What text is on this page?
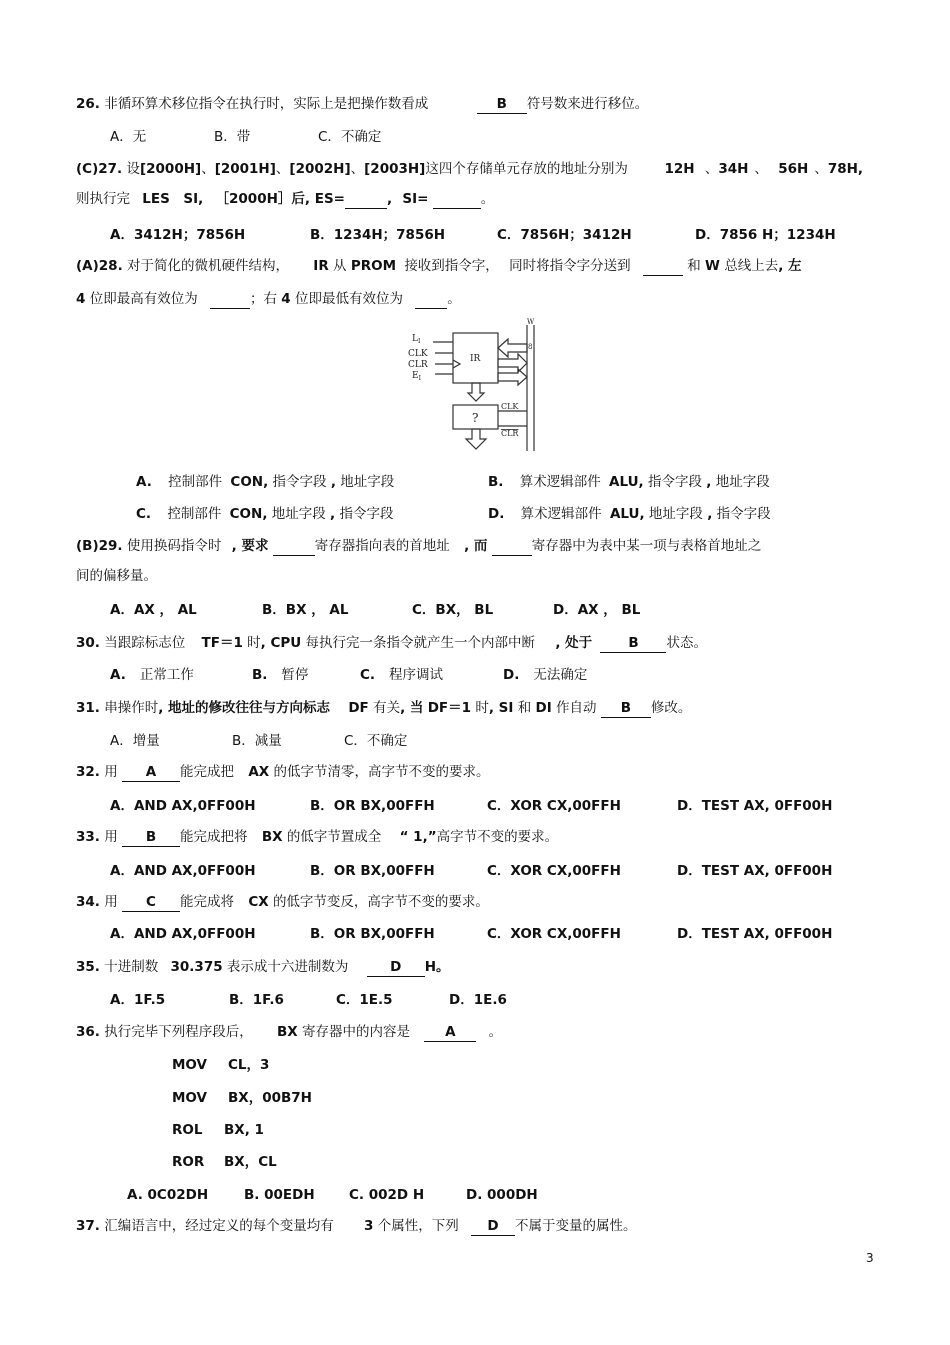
26. 非循环算术移位指令在执行时，实际上是把操作数看成	B 符号数来进行移位。
A．无	B．带	C．不确定
(C)27. 设[2000H]、[2001H]、[2002H]、[2003H]这四个存储单元存放的地址分别为	12H 、34H 、 56H 、78H,
则执行完 LES　SI, ［2000H］后, ES=	, SI=	。
A．3412H；7856H	B．1234H；7856H	C．7856H；3412H	D．7856 H；1234H
(A)28. 对于简化的微机硬件结构， IR 从 PROM 接收到指令字， 同时将指令字分送到	和 W 总线上去, 左
4 位即最高有效位为	；右 4 位即最低有效位为	。
$L_I$
CLK
CLR
$E_I$
IR
?
CLK
CLR
W
8
A. 控制部件 CON, 指令字段 , 地址字段	B. 算术逻辑部件 ALU, 指令字段 , 地址字段
C. 控制部件 CON, 地址字段 , 指令字段	D. 算术逻辑部件 ALU, 地址字段 , 指令字段
(B)29. 使用换码指令时 , 要求	寄存器指向表的首地址 , 而	寄存器中为表中某一项与表格首地址之
间的偏移量。
A．AX ， AL	B．BX ， AL	C．BX， BL	D．AX ， BL
30. 当跟踪标志位 TF＝1 时, CPU 每执行完一条指令就产生一个内部中断 , 处于	B 状态。
A. 正常工作	B. 暂停	C. 程序调试	D. 无法确定
31. 串操作时, 地址的修改往往与方向标志 DF 有关, 当 DF＝1 时, SI 和 DI 作自动 B 修改。
A．增量	B．减量	C．不确定
32. 用 A 能完成把 AX 的低字节清零，高字节不变的要求。
A．AND AX,0FF00H	B．OR BX,00FFH	C．XOR CX,00FFH	D．TEST AX, 0FF00H
33. 用 B 能完成把将 BX 的低字节置成全 “ 1,”高字节不变的要求。
A．AND AX,0FF00H	B．OR BX,00FFH	C．XOR CX,00FFH	D．TEST AX, 0FF00H
34. 用 C 能完成将 CX 的低字节变反，高字节不变的要求。
A．AND AX,0FF00H	B．OR BX,00FFH	C．XOR CX,00FFH	D．TEST AX, 0FF00H
35. 十进制数 30.375 表示成十六进制数为	D H。
A．1F.5	B．1F.6	C．1E.5	D．1E.6
36. 执行完毕下列程序段后， BX 寄存器中的内容是	A 。
MOV CL，3
MOV BX，00B7H
ROL BX, 1
ROR BX，CL
A. 0C02DH	B. 00EDH	C. 002D H	D. 000DH
37. 汇编语言中，经过定义的每个变量均有 3 个属性，下列 D 不属于变量的属性。
3
